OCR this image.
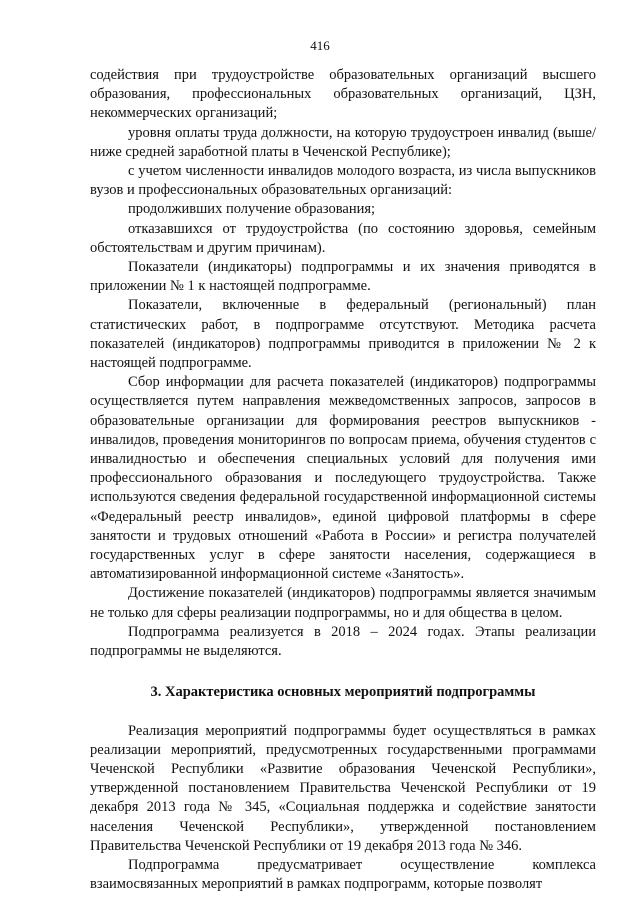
416

содействия при трудоустройстве образовательных организаций высшего образования, профессиональных образовательных организаций, ЦЗН, некоммерческих организаций;

уровня оплаты труда должности, на которую трудоустроен инвалид (выше/ниже средней заработной платы в Чеченской Республике);

с учетом численности инвалидов молодого возраста, из числа выпускников вузов и профессиональных образовательных организаций:

продолживших получение образования;

отказавшихся от трудоустройства (по состоянию здоровья, семейным обстоятельствам и другим причинам).

Показатели (индикаторы) подпрограммы и их значения приводятся в приложении № 1 к настоящей подпрограмме.

Показатели, включенные в федеральный (региональный) план статистических работ, в подпрограмме отсутствуют. Методика расчета показателей (индикаторов) подпрограммы приводится в приложении № 2 к настоящей подпрограмме.

Сбор информации для расчета показателей (индикаторов) подпрограммы осуществляется путем направления межведомственных запросов, запросов в образовательные организации для формирования реестров выпускников - инвалидов, проведения мониторингов по вопросам приема, обучения студентов с инвалидностью и обеспечения специальных условий для получения ими профессионального образования и последующего трудоустройства. Также используются сведения федеральной государственной информационной системы «Федеральный реестр инвалидов», единой цифровой платформы в сфере занятости и трудовых отношений «Работа в России» и регистра получателей государственных услуг в сфере занятости населения, содержащиеся в автоматизированной информационной системе «Занятость».

Достижение показателей (индикаторов) подпрограммы является значимым не только для сферы реализации подпрограммы, но и для общества в целом.

Подпрограмма реализуется в 2018 – 2024 годах. Этапы реализации подпрограммы не выделяются.

3. Характеристика основных мероприятий подпрограммы

Реализация мероприятий подпрограммы будет осуществляться в рамках реализации мероприятий, предусмотренных государственными программами Чеченской Республики «Развитие образования Чеченской Республики», утвержденной постановлением Правительства Чеченской Республики от 19 декабря 2013 года № 345, «Социальная поддержка и содействие занятости населения Чеченской Республики», утвержденной постановлением Правительства Чеченской Республики от 19 декабря 2013 года № 346.

Подпрограмма предусматривает осуществление комплекса взаимосвязанных мероприятий в рамках подпрограмм, которые позволят
